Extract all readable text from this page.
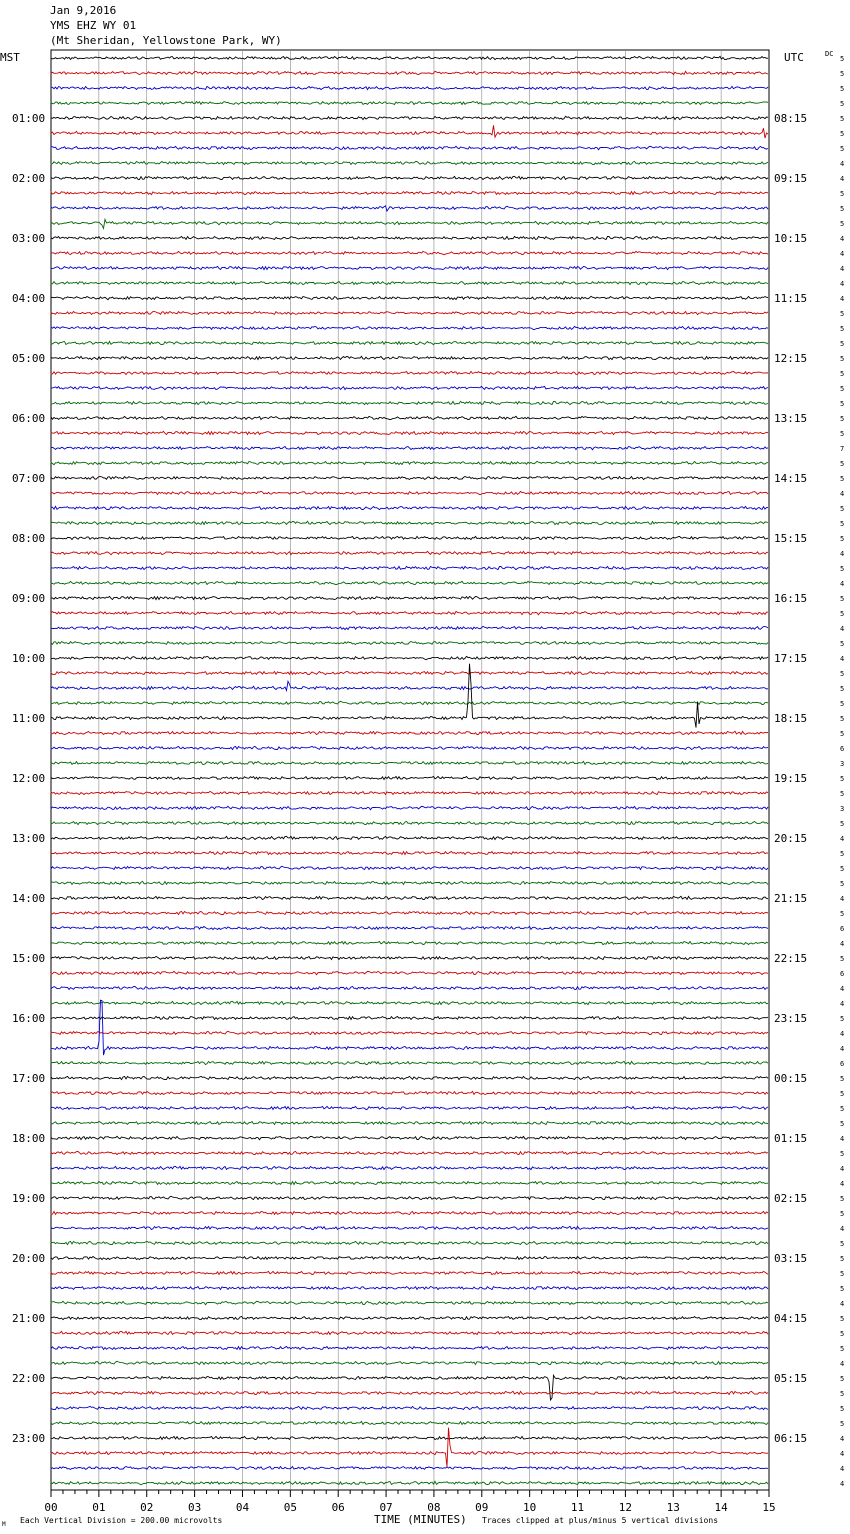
Jan 9,2016
YMS EHZ WY 01
(Mt Sheridan, Yellowstone Park, WY)
MST	UTC	DC
01:00	08:15
02:00	09:15
03:00	10:15
04:00	11:15
05:00	12:15
06:00	13:15
07:00	14:15
08:00	15:15
09:00	16:15
10:00	17:15
11:00	18:15
12:00	19:15
13:00	20:15
14:00	21:15
15:00	22:15
16:00	23:15
17:00	00:15
18:00	01:15
19:00	02:15
20:00	03:15
21:00	04:15
22:00	05:15
23:00	06:15
5
5
5
5
5
5
5
4
4
5
5
5
4
4
4
4
4
5
5
5
5
5
5
5
5
5
7
5
5
4
5
5
5
4
5
4
5
5
4
5
4
5
5
5
5
5
6
3
5
5
3
5
4
5
5
5
4
5
6
4
5
6
4
4
5
4
4
6
5
5
5
5
4
5
4
4
5
5
4
5
5
5
5
4
5
5
5
4
5
5
5
5
4
4
4
4
00	01	02	03	04	05	06	07	08	09	10	11	12	13	14	15
M Each Vertical Division = 200.00 microvolts	TIME (MINUTES) Traces clipped at plus/minus 5 vertical divisions
